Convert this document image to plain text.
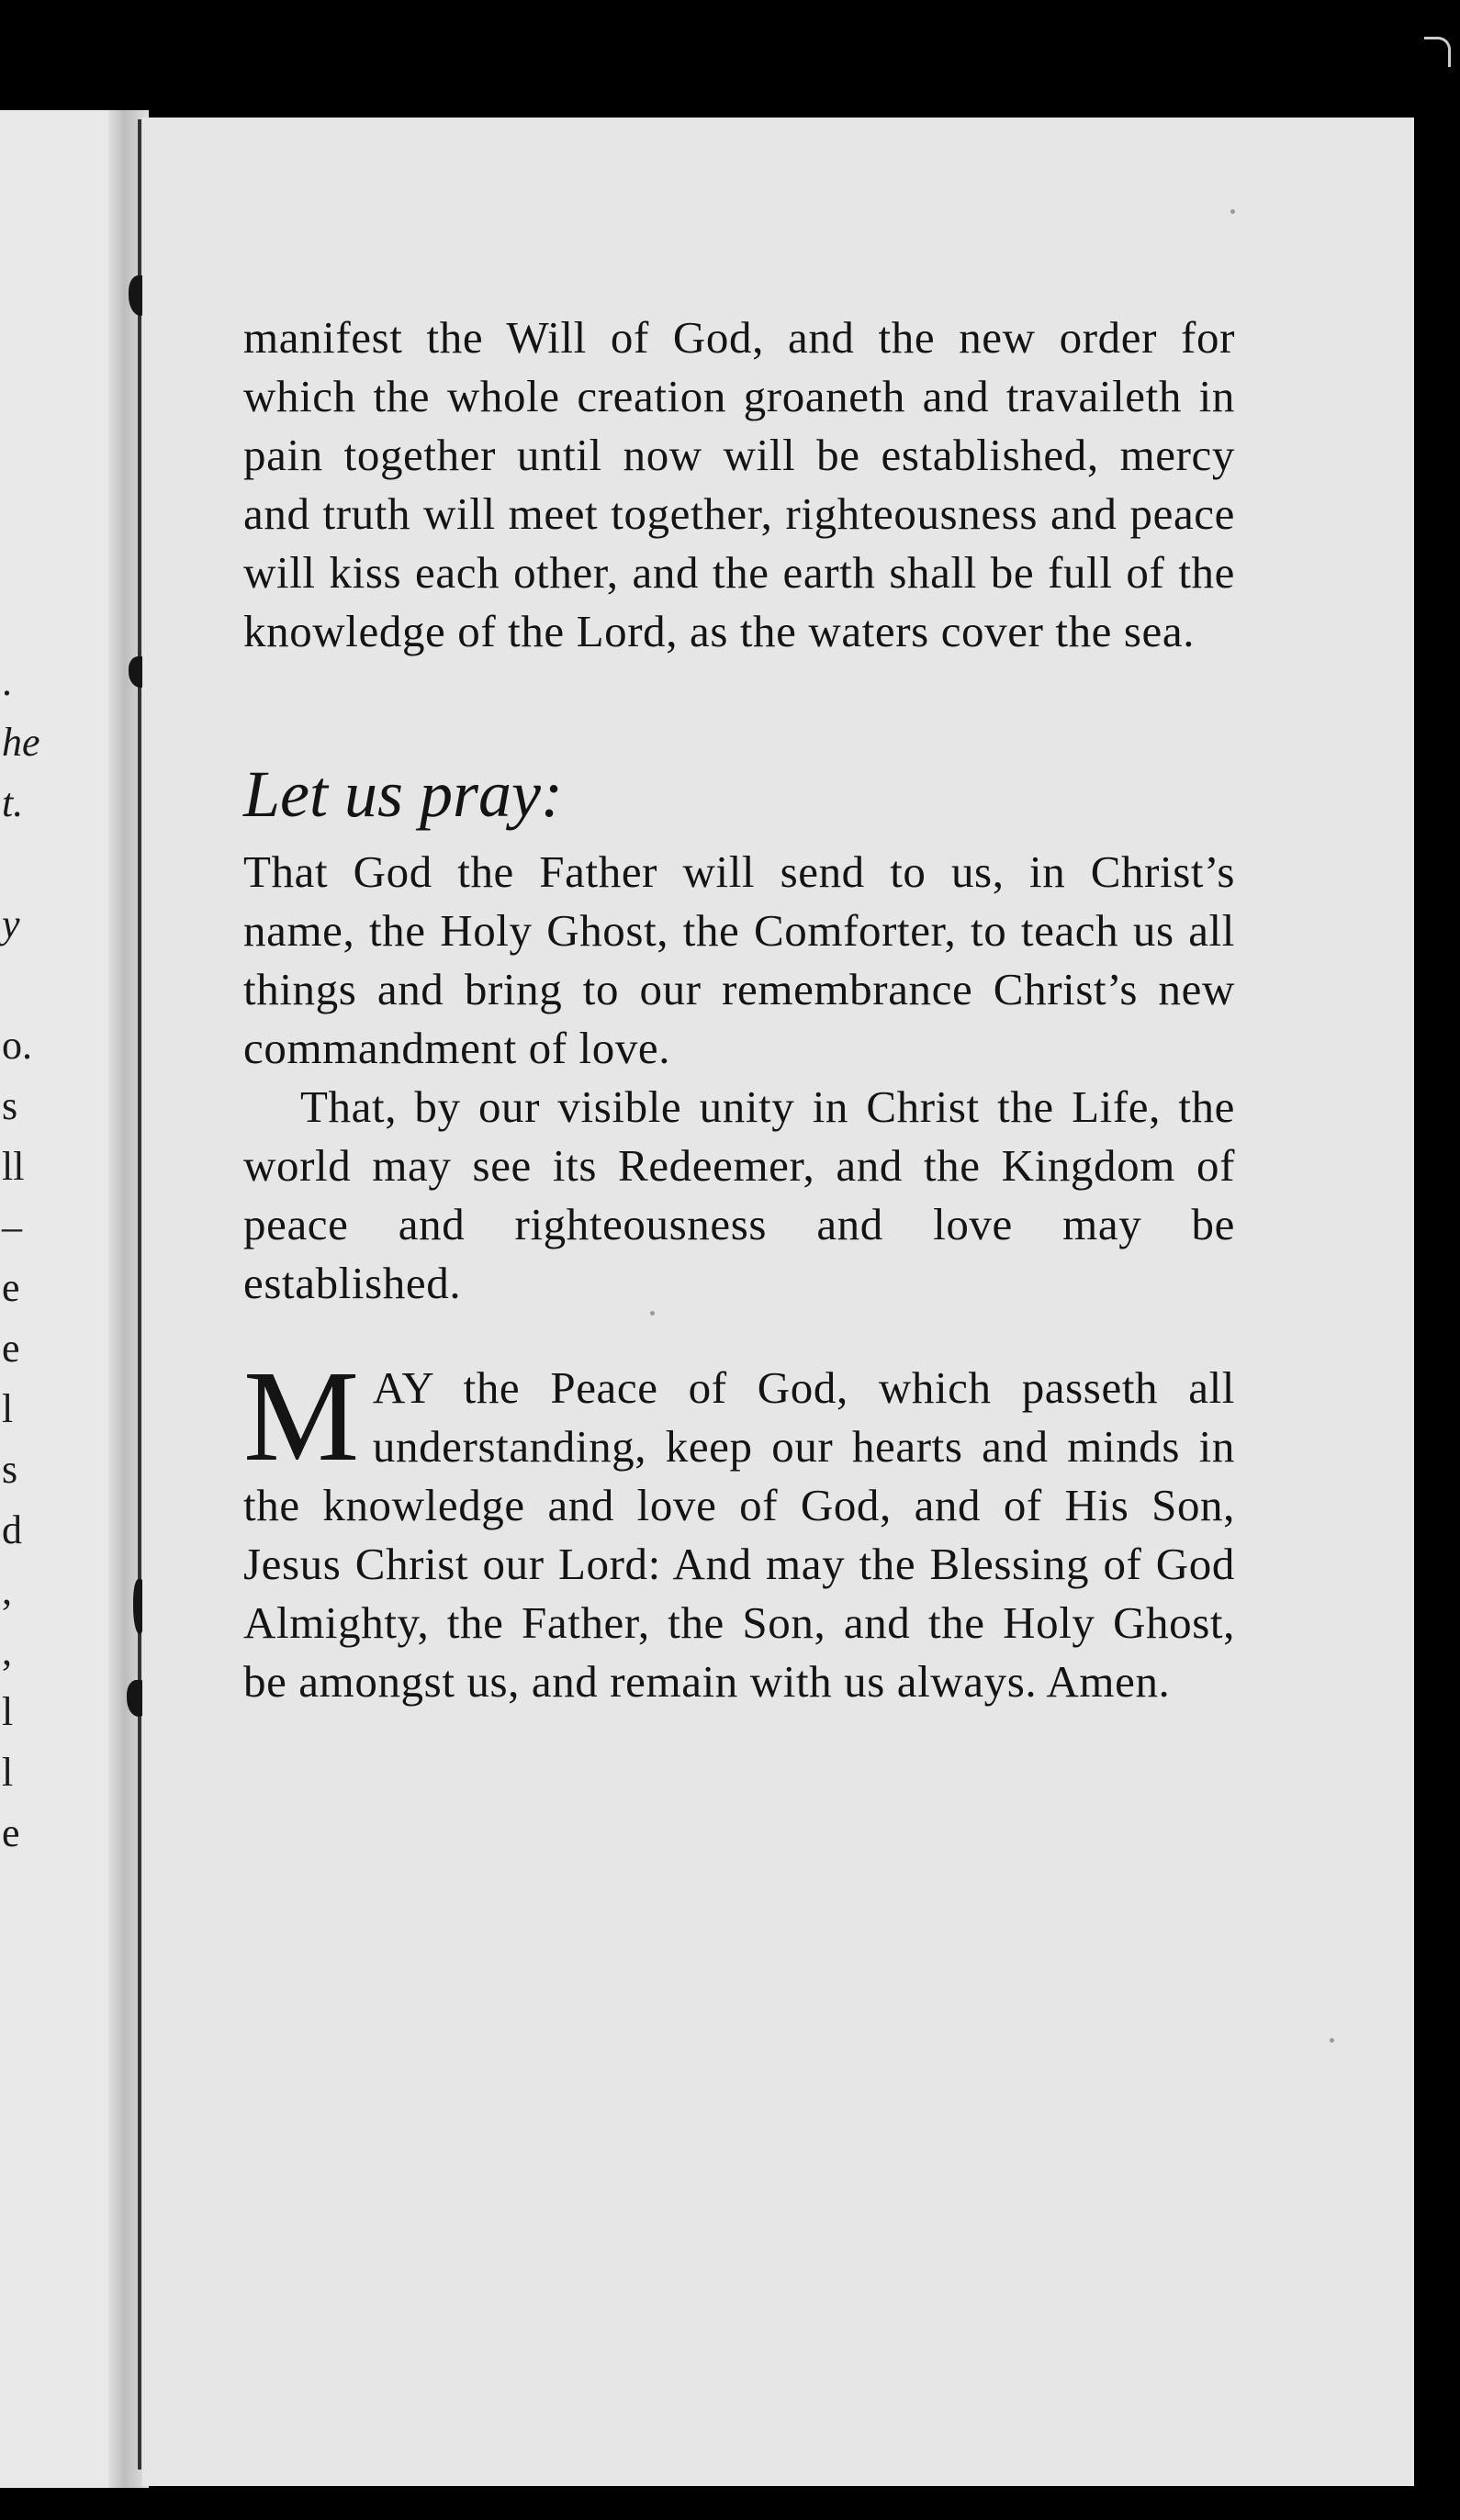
.
he
t.
y
o.
s
ll
–
e
e
l
s
d
,
,
l
l
e

manifest the Will of God, and the new order for which the whole creation groaneth and travaileth in pain together until now will be established, mercy and truth will meet together, righteousness and peace will kiss each other, and the earth shall be full of the knowledge of the Lord, as the waters cover the sea.

Let us pray:

That God the Father will send to us, in Christ’s name, the Holy Ghost, the Comforter, to teach us all things and bring to our remembrance Christ’s new commandment of love.

That, by our visible unity in Christ the Life, the world may see its Redeemer, and the Kingdom of peace and righteousness and love may be established.

MAY the Peace of God, which passeth all understanding, keep our hearts and minds in the knowledge and love of God, and of His Son, Jesus Christ our Lord: And may the Blessing of God Almighty, the Father, the Son, and the Holy Ghost, be amongst us, and remain with us always. Amen.
